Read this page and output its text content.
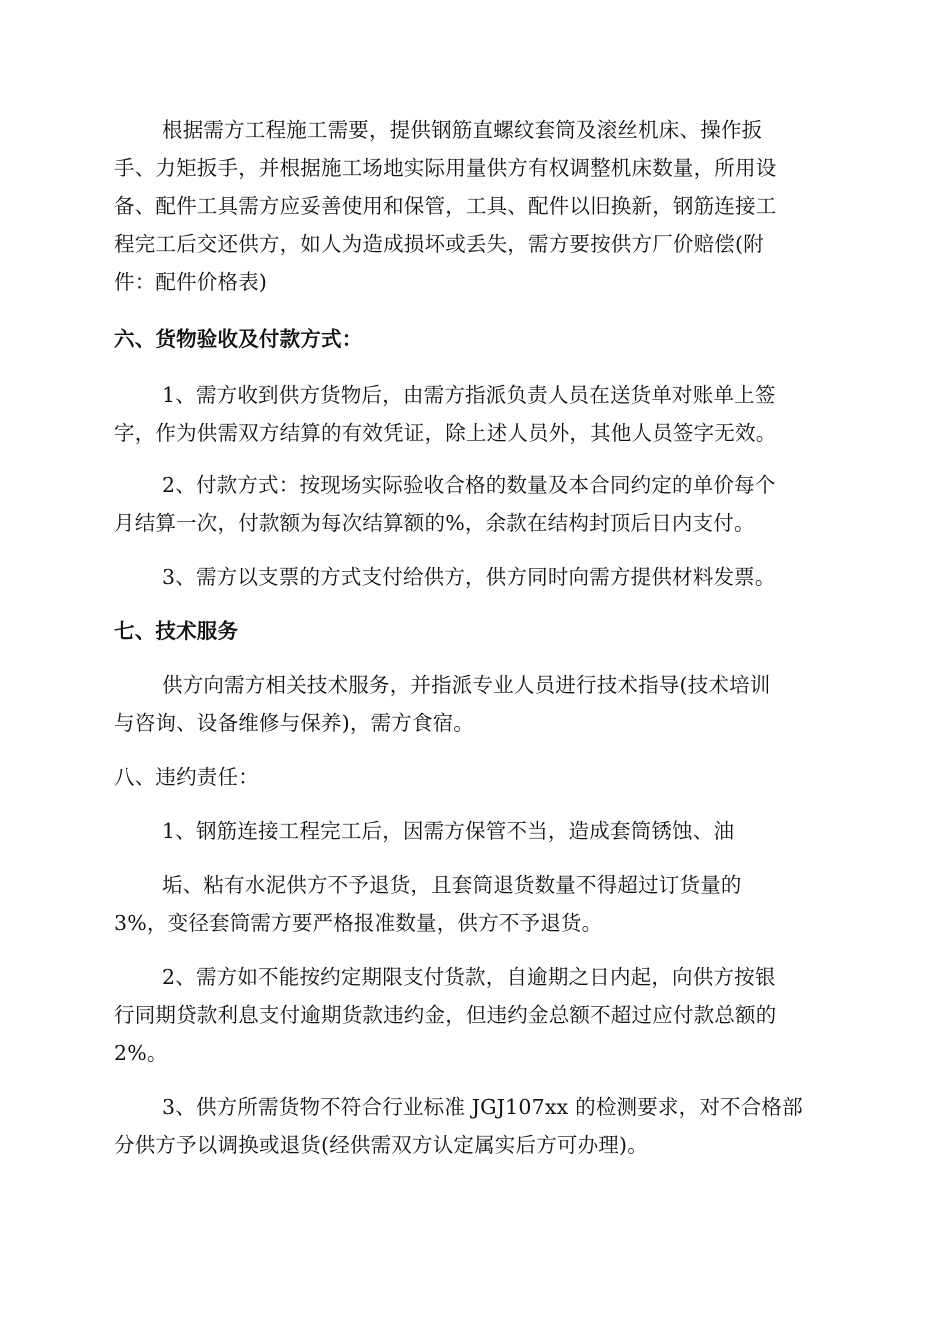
根据需方工程施工需要，提供钢筋直螺纹套筒及滚丝机床、操作扳
手、力矩扳手，并根据施工场地实际用量供方有权调整机床数量，所用设
备、配件工具需方应妥善使用和保管，工具、配件以旧换新，钢筋连接工
程完工后交还供方，如人为造成损坏或丢失，需方要按供方厂价赔偿(附
件：配件价格表)
六、货物验收及付款方式：
1、需方收到供方货物后，由需方指派负责人员在送货单对账单上签
字，作为供需双方结算的有效凭证，除上述人员外，其他人员签字无效。
2、付款方式：按现场实际验收合格的数量及本合同约定的单价每个
月结算一次，付款额为每次结算额的%，余款在结构封顶后日内支付。
3、需方以支票的方式支付给供方，供方同时向需方提供材料发票。
七、技术服务
供方向需方相关技术服务，并指派专业人员进行技术指导(技术培训
与咨询、设备维修与保养)，需方食宿。
八、违约责任：
1、钢筋连接工程完工后，因需方保管不当，造成套筒锈蚀、油
垢、粘有水泥供方不予退货，且套筒退货数量不得超过订货量的
3%，变径套筒需方要严格报准数量，供方不予退货。
2、需方如不能按约定期限支付货款，自逾期之日内起，向供方按银
行同期贷款利息支付逾期货款违约金，但违约金总额不超过应付款总额的
2%。
3、供方所需货物不符合行业标准 JGJ107xx 的检测要求，对不合格部
分供方予以调换或退货(经供需双方认定属实后方可办理)。
